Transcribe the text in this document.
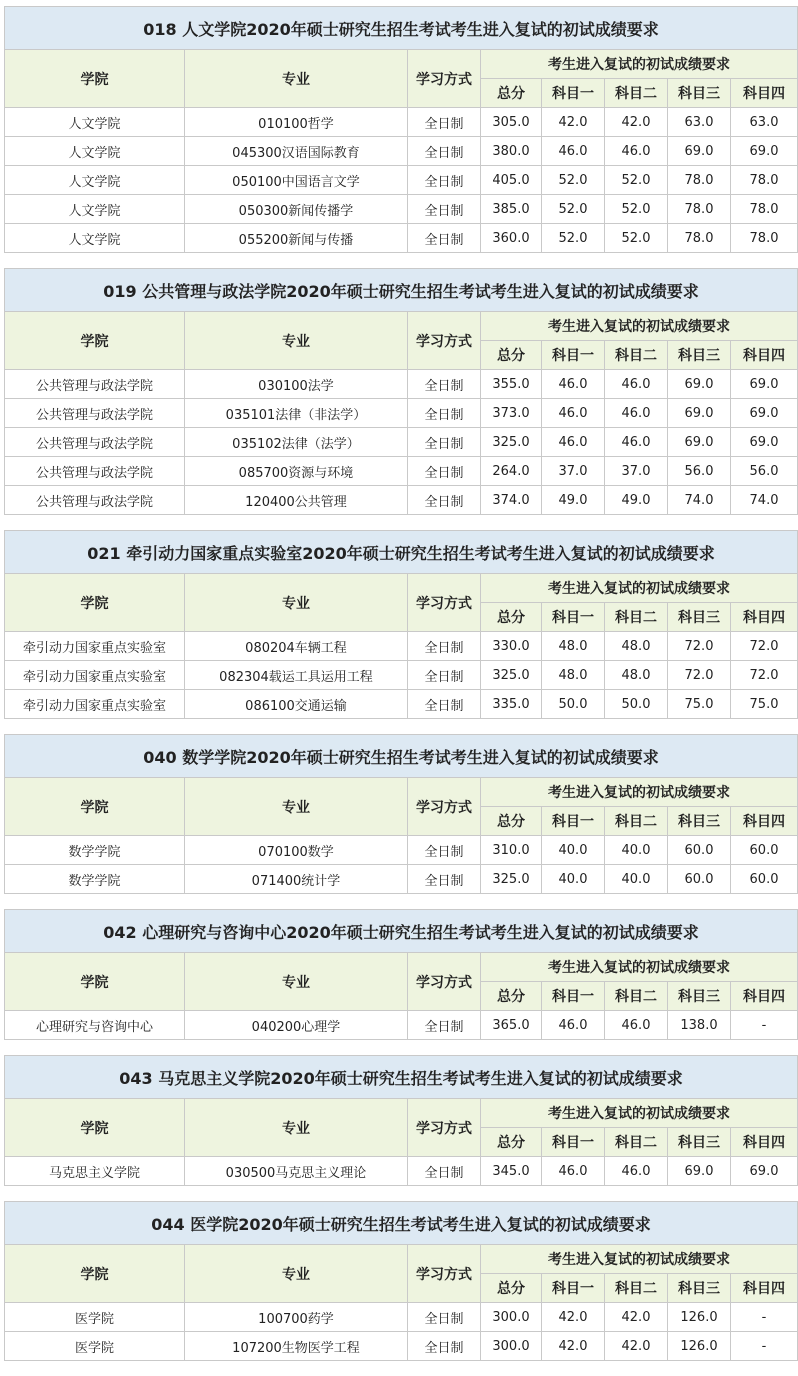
018 人文学院2020年硕士研究生招生考试考生进入复试的初试成绩要求							
学院	专业	学习方式	考生进入复试的初试成绩要求				
			总分	科目一	科目二	科目三	科目四
人文学院	010100哲学	全日制	305.0	42.0	42.0	63.0	63.0
人文学院	045300汉语国际教育	全日制	380.0	46.0	46.0	69.0	69.0
人文学院	050100中国语言文学	全日制	405.0	52.0	52.0	78.0	78.0
人文学院	050300新闻传播学	全日制	385.0	52.0	52.0	78.0	78.0
人文学院	055200新闻与传播	全日制	360.0	52.0	52.0	78.0	78.0
019 公共管理与政法学院2020年硕士研究生招生考试考生进入复试的初试成绩要求							
学院	专业	学习方式	考生进入复试的初试成绩要求				
			总分	科目一	科目二	科目三	科目四
公共管理与政法学院	030100法学	全日制	355.0	46.0	46.0	69.0	69.0
公共管理与政法学院	035101法律（非法学）	全日制	373.0	46.0	46.0	69.0	69.0
公共管理与政法学院	035102法律（法学）	全日制	325.0	46.0	46.0	69.0	69.0
公共管理与政法学院	085700资源与环境	全日制	264.0	37.0	37.0	56.0	56.0
公共管理与政法学院	120400公共管理	全日制	374.0	49.0	49.0	74.0	74.0
021 牵引动力国家重点实验室2020年硕士研究生招生考试考生进入复试的初试成绩要求							
学院	专业	学习方式	考生进入复试的初试成绩要求				
			总分	科目一	科目二	科目三	科目四
牵引动力国家重点实验室	080204车辆工程	全日制	330.0	48.0	48.0	72.0	72.0
牵引动力国家重点实验室	082304载运工具运用工程	全日制	325.0	48.0	48.0	72.0	72.0
牵引动力国家重点实验室	086100交通运输	全日制	335.0	50.0	50.0	75.0	75.0
040 数学学院2020年硕士研究生招生考试考生进入复试的初试成绩要求							
学院	专业	学习方式	考生进入复试的初试成绩要求				
			总分	科目一	科目二	科目三	科目四
数学学院	070100数学	全日制	310.0	40.0	40.0	60.0	60.0
数学学院	071400统计学	全日制	325.0	40.0	40.0	60.0	60.0
042 心理研究与咨询中心2020年硕士研究生招生考试考生进入复试的初试成绩要求							
学院	专业	学习方式	考生进入复试的初试成绩要求				
			总分	科目一	科目二	科目三	科目四
心理研究与咨询中心	040200心理学	全日制	365.0	46.0	46.0	138.0	-
043 马克思主义学院2020年硕士研究生招生考试考生进入复试的初试成绩要求							
学院	专业	学习方式	考生进入复试的初试成绩要求				
			总分	科目一	科目二	科目三	科目四
马克思主义学院	030500马克思主义理论	全日制	345.0	46.0	46.0	69.0	69.0
044 医学院2020年硕士研究生招生考试考生进入复试的初试成绩要求							
学院	专业	学习方式	考生进入复试的初试成绩要求				
			总分	科目一	科目二	科目三	科目四
医学院	100700药学	全日制	300.0	42.0	42.0	126.0	-
医学院	107200生物医学工程	全日制	300.0	42.0	42.0	126.0	-
